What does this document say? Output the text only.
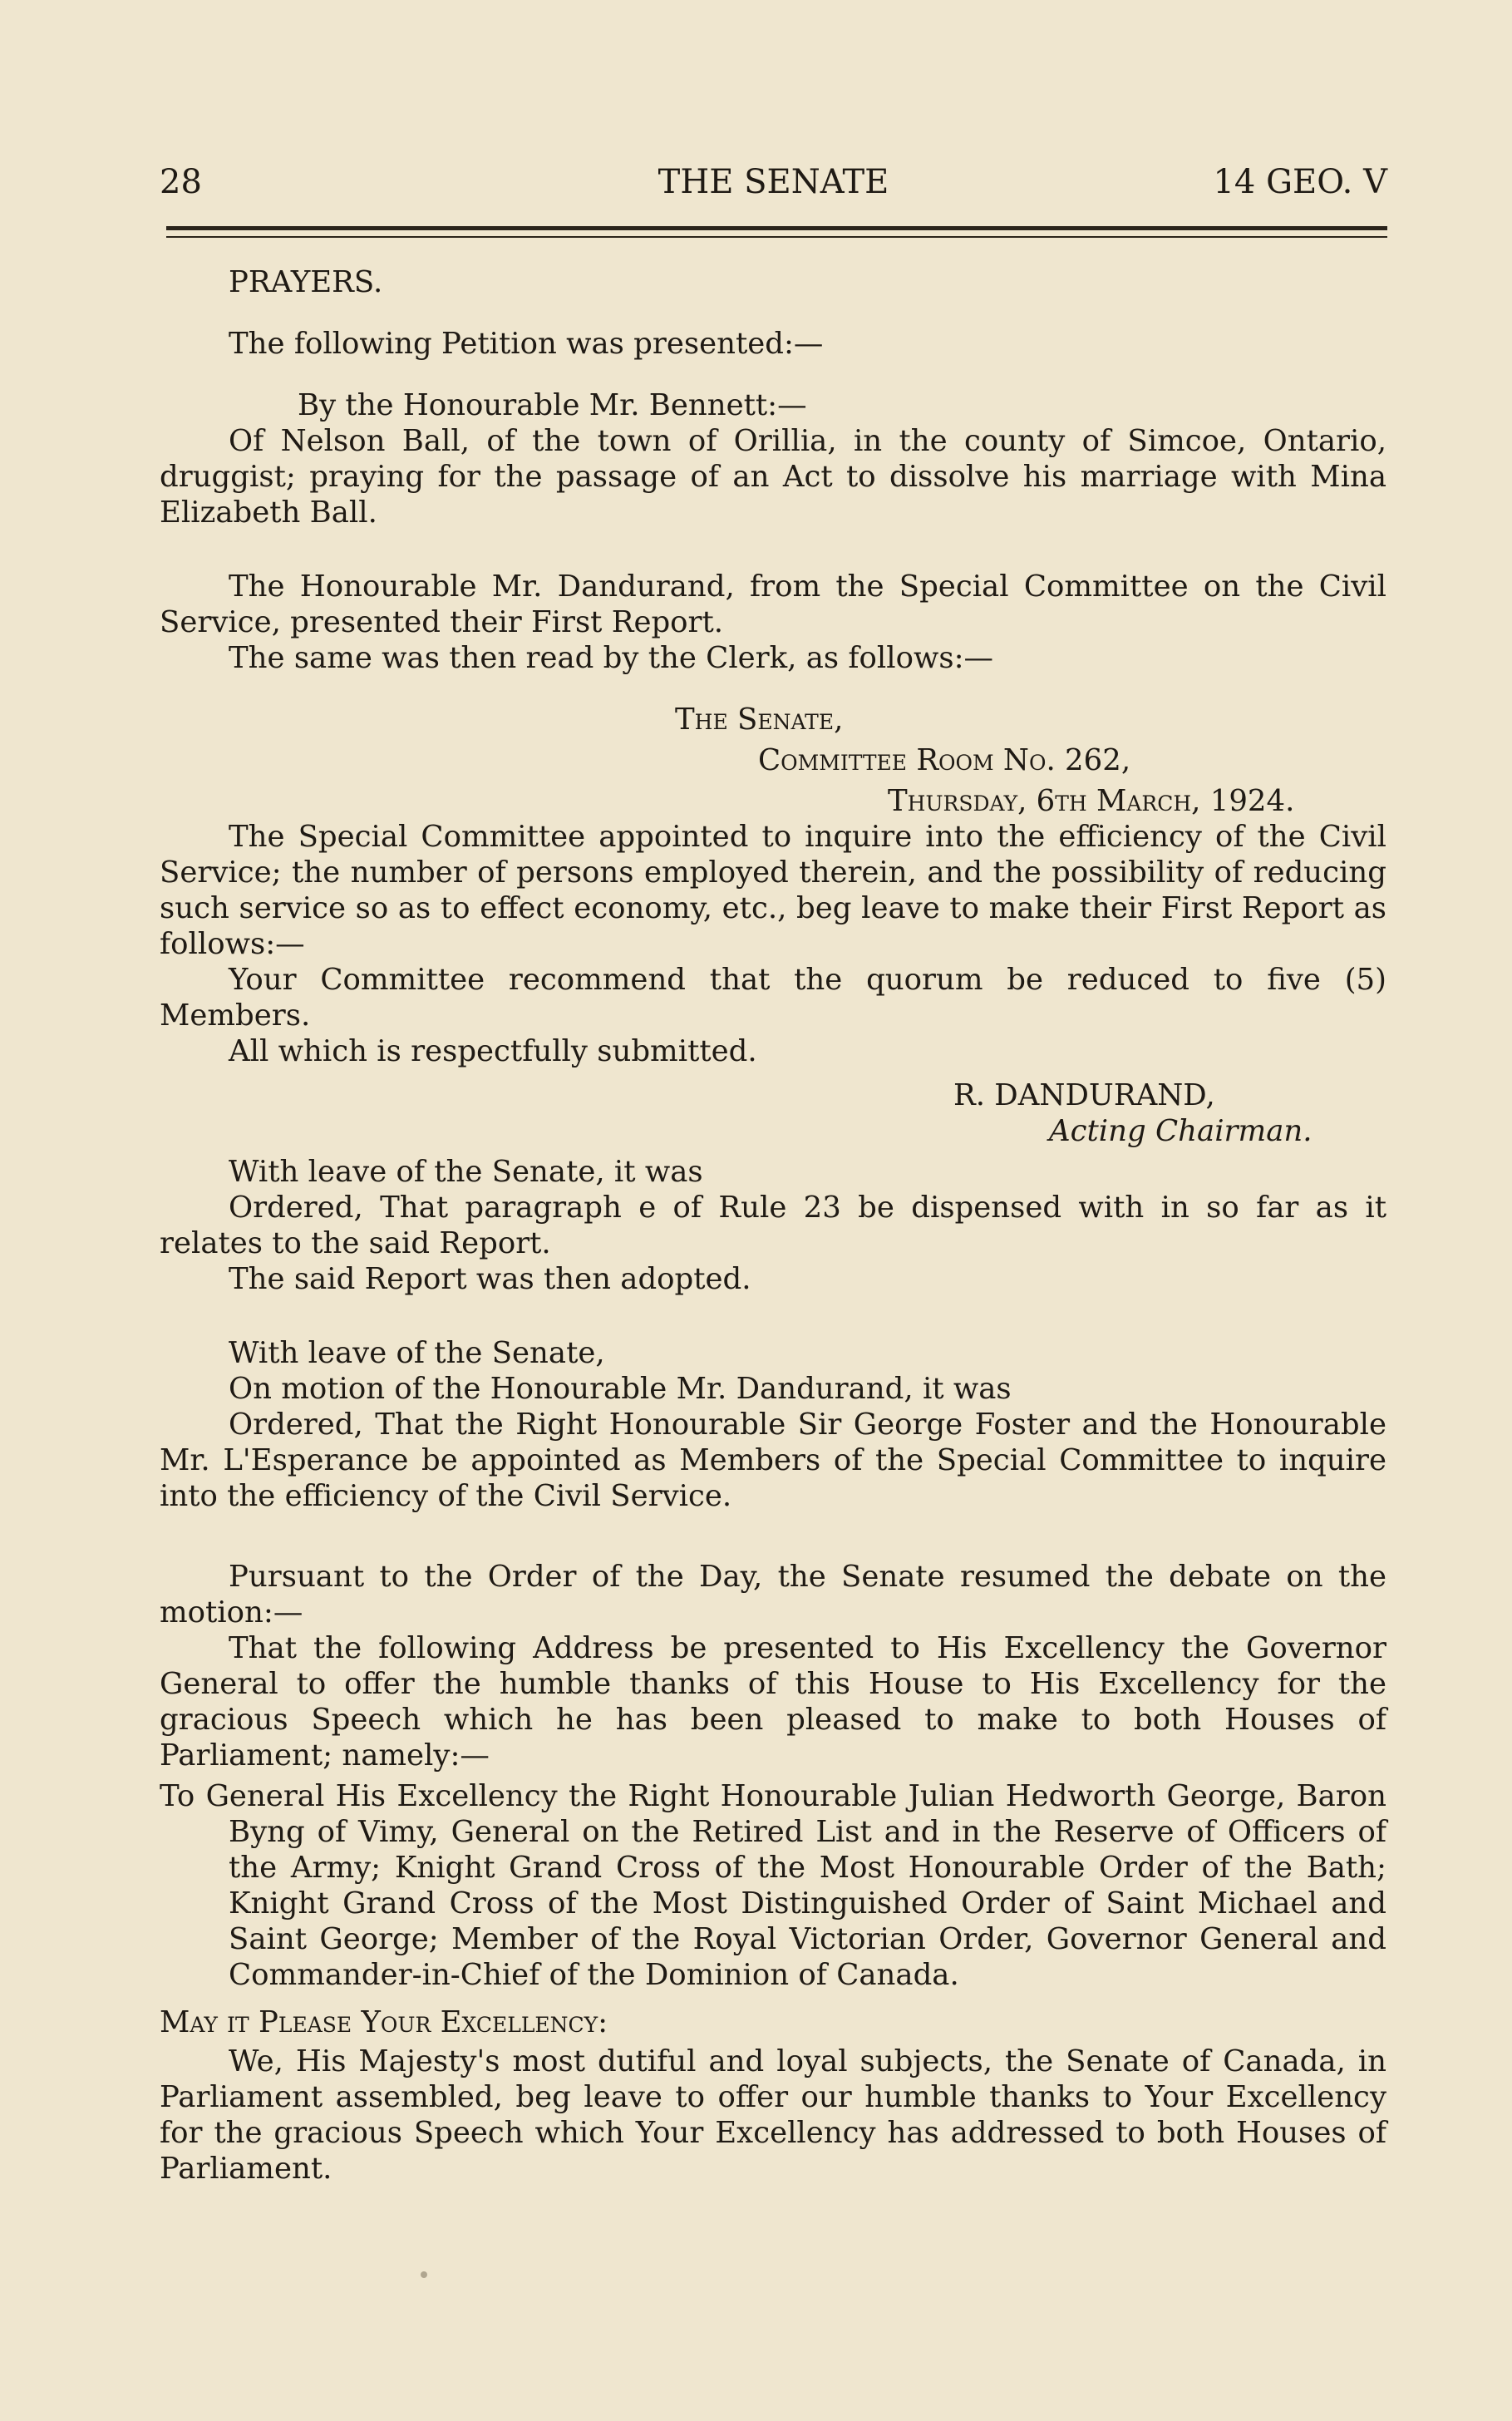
28	THE SENATE	14 GEO. V

PRAYERS.

The following Petition was presented:—

By the Honourable Mr. Bennett:—

Of Nelson Ball, of the town of Orillia, in the county of Simcoe, Ontario, druggist; praying for the passage of an Act to dissolve his marriage with Mina Elizabeth Ball.

The Honourable Mr. Dandurand, from the Special Committee on the Civil Service, presented their First Report.

The same was then read by the Clerk, as follows:—

The Senate,

Committee Room No. 262,

Thursday, 6th March, 1924.

The Special Committee appointed to inquire into the efficiency of the Civil Service; the number of persons employed therein, and the possibility of reducing such service so as to effect economy, etc., beg leave to make their First Report as follows:—

Your Committee recommend that the quorum be reduced to five (5) Members.

All which is respectfully submitted.

R. DANDURAND,

Acting Chairman.

With leave of the Senate, it was

Ordered, That paragraph e of Rule 23 be dispensed with in so far as it relates to the said Report.

The said Report was then adopted.

With leave of the Senate,

On motion of the Honourable Mr. Dandurand, it was

Ordered, That the Right Honourable Sir George Foster and the Honourable Mr. L'Esperance be appointed as Members of the Special Committee to inquire into the efficiency of the Civil Service.

Pursuant to the Order of the Day, the Senate resumed the debate on the motion:—

That the following Address be presented to His Excellency the Governor General to offer the humble thanks of this House to His Excellency for the gracious Speech which he has been pleased to make to both Houses of Parliament; namely:—

To General His Excellency the Right Honourable Julian Hedworth George, Baron Byng of Vimy, General on the Retired List and in the Reserve of Officers of the Army; Knight Grand Cross of the Most Honourable Order of the Bath; Knight Grand Cross of the Most Distinguished Order of Saint Michael and Saint George; Member of the Royal Victorian Order, Governor General and Commander-in-Chief of the Dominion of Canada.

May it Please Your Excellency:

We, His Majesty's most dutiful and loyal subjects, the Senate of Canada, in Parliament assembled, beg leave to offer our humble thanks to Your Excellency for the gracious Speech which Your Excellency has addressed to both Houses of Parliament.
